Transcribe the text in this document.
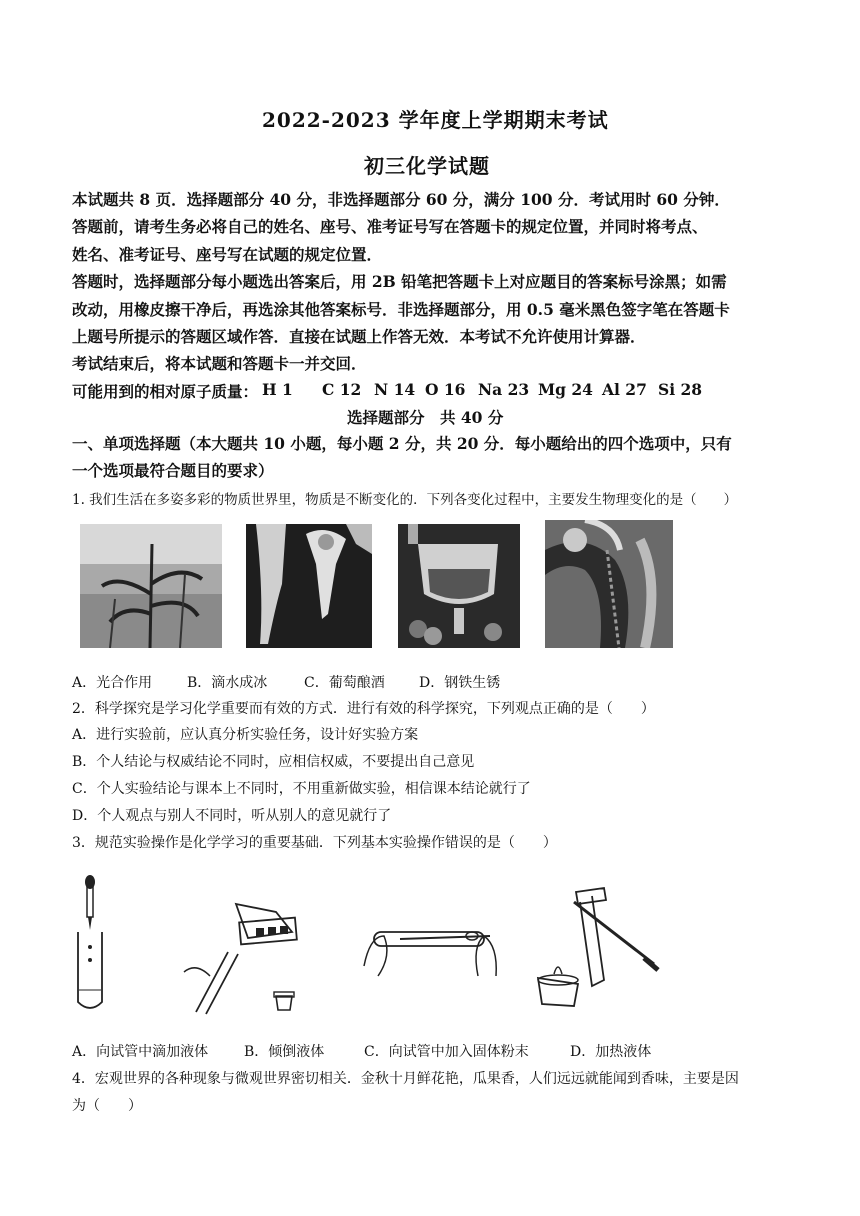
2022-2023 学年度上学期期末考试
初三化学试题
本试题共 8 页．选择题部分 40 分，非选择题部分 60 分，满分 100 分．考试用时 60 分钟．
答题前，请考生务必将自己的姓名、座号、准考证号写在答题卡的规定位置，并同时将考点、
姓名、准考证号、座号写在试题的规定位置．
答题时，选择题部分每小题选出答案后，用 2B 铅笔把答题卡上对应题目的答案标号涂黑；如需
改动，用橡皮擦干净后，再选涂其他答案标号．非选择题部分，用 0.5 毫米黑色签字笔在答题卡
上题号所提示的答题区域作答．直接在试题上作答无效．本考试不允许使用计算器．
考试结束后，将本试题和答题卡一并交回．
可能用到的相对原子质量： H 1 C 12 N 14 O 16 Na 23 Mg 24 Al 27 Si 28
选择题部分　共 40 分
一、单项选择题（本大题共 10 小题，每小题 2 分，共 20 分．每小题给出的四个选项中，只有
一个选项最符合题目的要求）
1. 我们生活在多姿多彩的物质世界里，物质是不断变化的．下列各变化过程中，主要发生物理变化的是（　　）
A．光合作用 B．滴水成冰	C．葡萄酿酒 D．钢铁生锈
2．科学探究是学习化学重要而有效的方式．进行有效的科学探究，下列观点正确的是（　　）
A．进行实验前，应认真分析实验任务，设计好实验方案
B．个人结论与权威结论不同时，应相信权威，不要提出自己意见
C．个人实验结论与课本上不同时，不用重新做实验，相信课本结论就行了
D．个人观点与别人不同时，听从别人的意见就行了
3．规范实验操作是化学学习的重要基础．下列基本实验操作错误的是（　　）
A．向试管中滴加液体	B．倾倒液体	C．向试管中加入固体粉末	D．加热液体
4．宏观世界的各种现象与微观世界密切相关．金秋十月鲜花艳，瓜果香，人们远远就能闻到香味，主要是因
为（　　）
